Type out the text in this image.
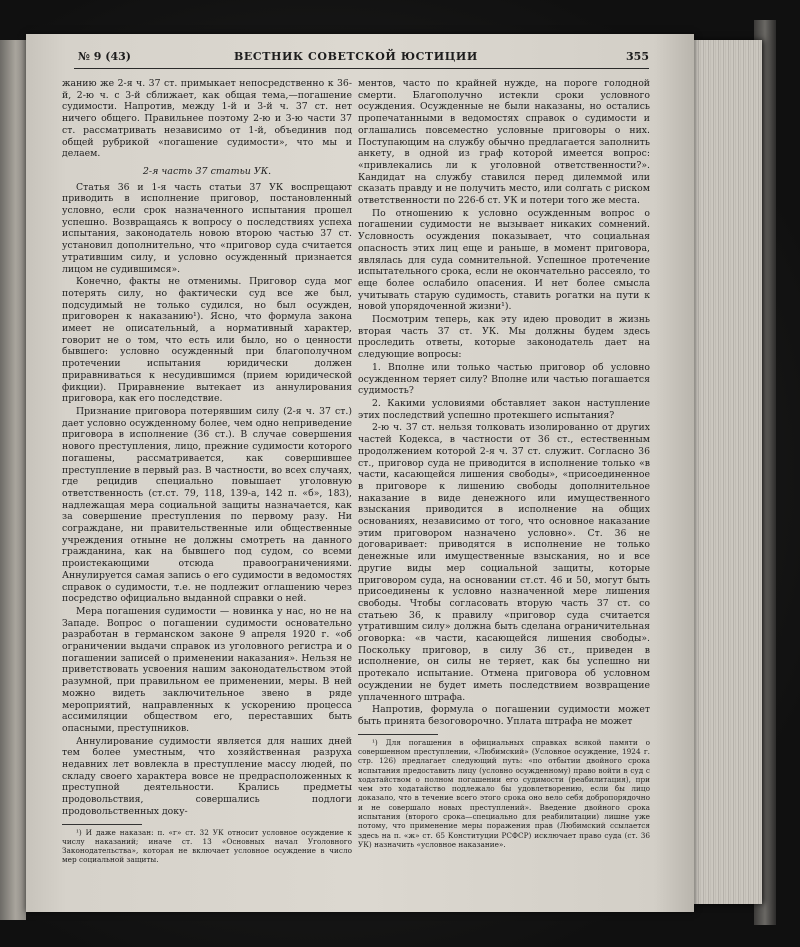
№ 9 (43)	ВЕСТНИК СОВЕТСКОЙ ЮСТИЦИИ	355

жанию же 2-я ч. 37 ст. примыкает непосредственно к 36-й, 2-ю ч. с 3-й сближает, как общая тема,—погашение судимости. Напротив, между 1-й и 3-й ч. 37 ст. нет ничего общего. Правильнее поэтому 2-ю и 3-ю части 37 ст. рассматривать независимо от 1-й, объединив под общей рубрикой «погашение судимости», что мы и делаем.

2-я часть 37 статьи УК.

Статья 36 и 1-я часть статьи 37 УК воспрещают приводить в исполнение приговор, постановленный условно, если срок назначенного испытания прошел успешно. Возвращаясь к вопросу о последствиях успеха испытания, законодатель новою второю частью 37 ст. установил дополнительно, что «приговор суда считается утратившим силу, и условно осужденный признается лицом не судившимся».

Конечно, факты не отменимы. Приговор суда мог потерять силу, но фактически суд все же был, подсудимый не только судился, но был осужден, приговорен к наказанию¹). Ясно, что формула закона имеет не описательный, а нормативный характер, говорит не о том, что есть или было, но о ценности бывшего: условно осужденный при благополучном протечении испытания юридически должен приравниваться к несудившимся (прием юридической фикции). Приравнение вытекает из аннулирования приговора, как его последствие.

Признание приговора потерявшим силу (2-я ч. 37 ст.) дает условно осужденному более, чем одно неприведение приговора в исполнение (36 ст.). В случае совершения нового преступления, лицо, прежние судимости которого погашены, рассматривается, как совершившее преступление в первый раз. В частности, во всех случаях, где рецидив специально повышает уголовную ответственность (ст.ст. 79, 118, 139-а, 142 п. «б», 183), надлежащая мера социальной защиты назначается, как за совершение преступления по первому разу. Ни сограждане, ни правительственные или общественные учреждения отныне не должны смотреть на данного гражданина, как на бывшего под судом, со всеми проистекающими отсюда правоограничениями. Аннулируется самая запись о его судимости в ведомостях справок о судимости, т.е. не подлежит оглашению через посредство официально выданной справки о ней.

Мера погашения судимости — новинка у нас, но не на Западе. Вопрос о погашении судимости основательно разработан в германском законе 9 апреля 1920 г. «об ограничении выдачи справок из уголовного регистра и о погашении записей о применении наказания». Нельзя не приветствовать усвоения нашим законодательством этой разумной, при правильном ее применении, меры. В ней можно видеть заключительное звено в ряде мероприятий, направленных к ускорению процесса ассимиляции обществом его, переставших быть опасными, преступников.

Аннулирование судимости является для наших дней тем более уместным, что хозяйственная разруха недавних лет вовлекла в преступление массу людей, по складу своего характера вовсе не предрасположенных к преступной деятельности. Крались предметы продовольствия, совершались подлоги продовольственных доку-

¹) И даже наказан: п. «г» ст. 32 УК относит условное осуждение к числу наказаний; иначе ст. 13 «Основных начал Уголовного Законодательства», которая не включает условное осуждение в число мер социальной защиты.

ментов, часто по крайней нужде, на пороге голодной смерти. Благополучно истекли сроки условного осуждения. Осужденные не были наказаны, но остались пропечатанными в ведомостях справок о судимости и оглашались повсеместно условные приговоры о них. Поступающим на службу обычно предлагается заполнить анкету, в одной из граф которой имеется вопрос: «привлекались ли к уголовной ответственности?». Кандидат на службу ставился перед дилеммой или сказать правду и не получить место, или солгать с риском ответственности по 226-б ст. УК и потери того же места.

По отношению к условно осужденным вопрос о погашении судимости не вызывает никаких сомнений. Условность осуждения показывает, что социальная опасность этих лиц еще и раньше, в момент приговора, являлась для суда сомнительной. Успешное протечение испытательного срока, если не окончательно рассеяло, то еще более ослабило опасения. И нет более смысла учитывать старую судимость, ставить рогатки на пути к новой упорядоченной жизни¹).

Посмотрим теперь, как эту идею проводит в жизнь вторая часть 37 ст. УК. Мы должны будем здесь проследить ответы, которые законодатель дает на следующие вопросы:

1. Вполне или только частью приговор об условно осужденном теряет силу? Вполне или частью погашается судимость?

2. Какими условиями обставляет закон наступление этих последствий успешно протекшего испытания?

2-ю ч. 37 ст. нельзя толковать изолированно от других частей Кодекса, в частности от 36 ст., естественным продолжением которой 2-я ч. 37 ст. служит. Согласно 36 ст., приговор суда не приводится в исполнение только «в части, касающейся лишения свободы», «присоединенное в приговоре к лишению свободы дополнительное наказание в виде денежного или имущественного взыскания приводится в исполнение на общих основаниях, независимо от того, что основное наказание этим приговором назначено условно». Ст. 36 не договаривает: приводятся в исполнение не только денежные или имущественные взыскания, но и все другие виды мер социальной защиты, которые приговором суда, на основании ст.ст. 46 и 50, могут быть присоединены к условно назначенной мере лишения свободы. Чтобы согласовать вторую часть 37 ст. со статьею 36, к правилу «приговор суда считается утратившим силу» должна быть сделана ограничительная оговорка: «в части, касающейся лишения свободы». Поскольку приговор, в силу 36 ст., приведен в исполнение, он силы не теряет, как бы успешно ни протекало испытание. Отмена приговора об условном осуждении не будет иметь последствием возвращение уплаченного штрафа.

Напротив, формула о погашении судимости может быть принята безоговорочно. Уплата штрафа не может

¹) Для погашения в официальных справках всякой памяти о совершенном преступлении, «Любимский» (Условное осуждение, 1924 г. стр. 126) предлагает следующий путь: «по отбытии двойного срока испытания предоставить лицу (условно осужденному) право войти в суд с ходатайством о полном погашении его судимости (реабилитация), при чем это ходатайство подлежало бы удовлетворению, если бы лицо доказало, что в течение всего этого срока оно вело себя добропорядочно и не совершало новых преступлений». Введение двойного срока испытания (второго срока—специально для реабилитации) лишне уже потому, что применение меры поражения прав (Любимский ссылается здесь на п. «ж» ст. 65 Конституции РСФСР) исключает право суда (ст. 36 УК) назначить «условное наказание».
